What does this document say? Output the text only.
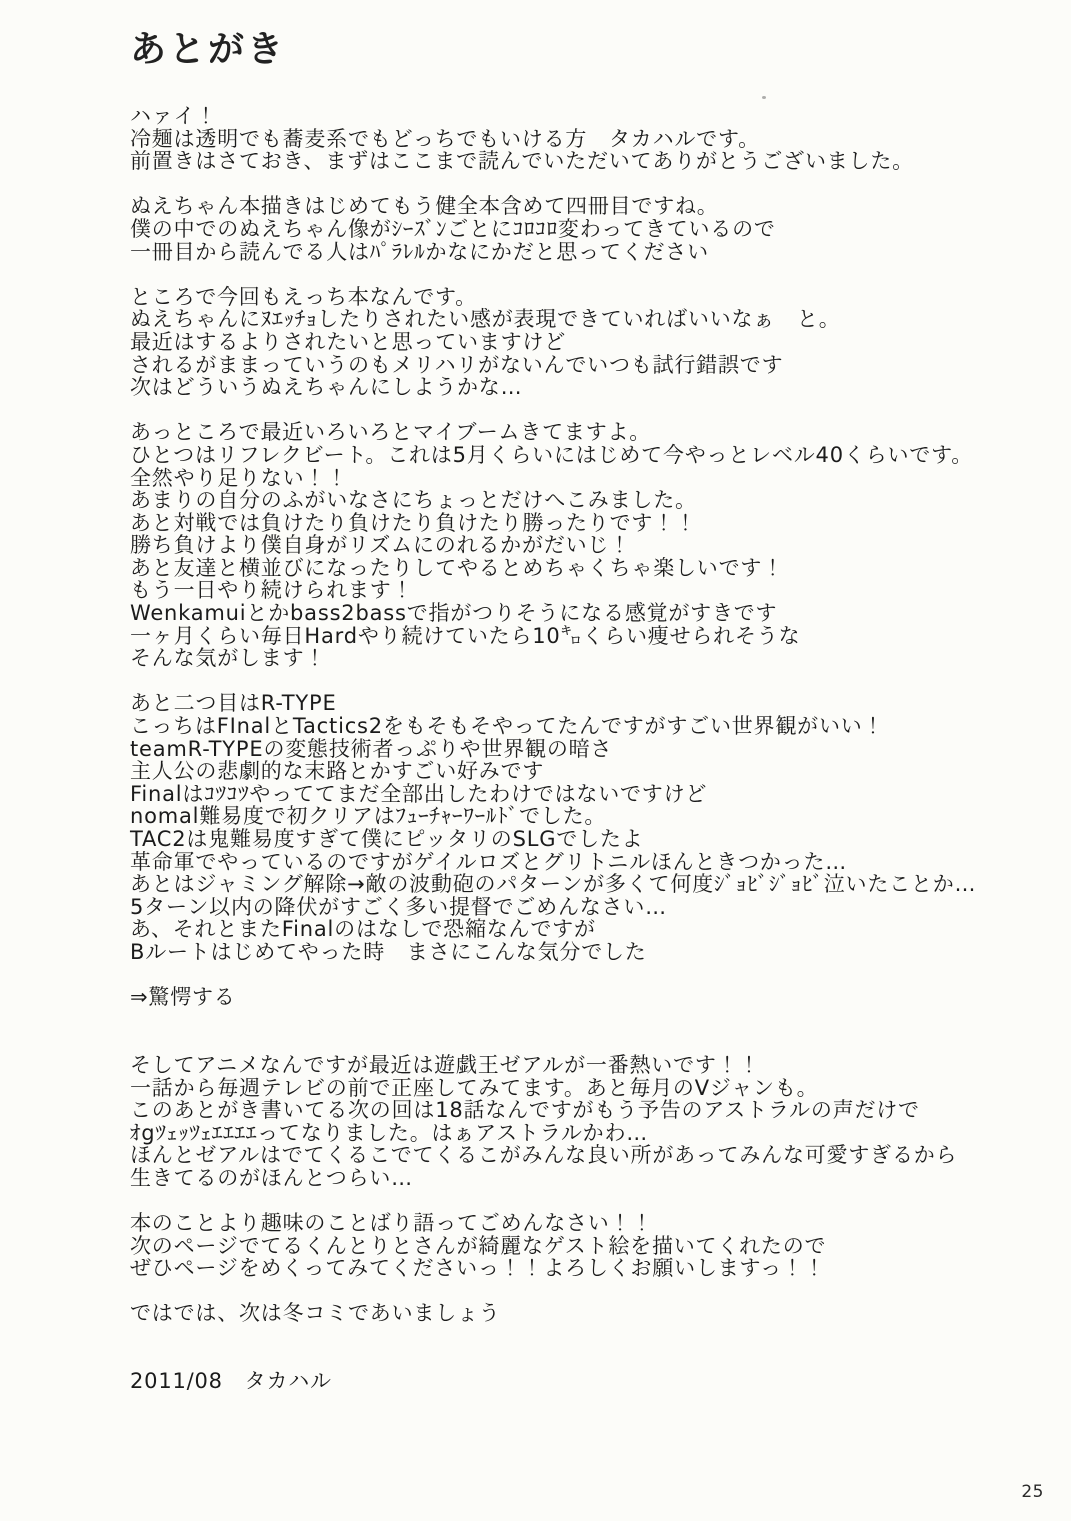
あとがき
ハァイ！
冷麺は透明でも蕎麦系でもどっちでもいける方　タカハルです。
前置きはさておき、まずはここまで読んでいただいてありがとうございました。

ぬえちゃん本描きはじめてもう健全本含めて四冊目ですね。
僕の中でのぬえちゃん像がｼｰｽﾞﾝごとにｺﾛｺﾛ変わってきているので
一冊目から読んでる人はﾊﾟﾗﾚﾙかなにかだと思ってください

ところで今回もえっち本なんです。
ぬえちゃんにﾇｴｯﾁｮしたりされたい感が表現できていればいいなぁ　と。
最近はするよりされたいと思っていますけど
されるがままっていうのもメリハリがないんでいつも試行錯誤です
次はどういうぬえちゃんにしようかな…

あっところで最近いろいろとマイブームきてますよ。
ひとつはリフレクビート。これは5月くらいにはじめて今やっとレベル40くらいです。
全然やり足りない！！
あまりの自分のふがいなさにちょっとだけへこみました。
あと対戦では負けたり負けたり負けたり勝ったりです！！
勝ち負けより僕自身がリズムにのれるかがだいじ！
あと友達と横並びになったりしてやるとめちゃくちゃ楽しいです！
もう一日やり続けられます！
Wenkamuiとかbass2bassで指がつりそうになる感覚がすきです
一ヶ月くらい毎日Hardやり続けていたら10㌔くらい痩せられそうな
そんな気がします！

あと二つ目はR-TYPE
こっちはFInalとTactics2をもそもそやってたんですがすごい世界観がいい！
teamR-TYPEの変態技術者っぷりや世界観の暗さ
主人公の悲劇的な末路とかすごい好みです
Finalはｺﾂｺﾂやっててまだ全部出したわけではないですけど
nomal難易度で初クリアはﾌｭｰﾁｬｰﾜｰﾙﾄﾞでした。
TAC2は鬼難易度すぎて僕にピッタリのSLGでしたよ
革命軍でやっているのですがゲイルロズとグリトニルほんときつかった…
あとはジャミング解除→敵の波動砲のパターンが多くて何度ｼﾞｮﾋﾞｼﾞｮﾋﾞ泣いたことか…
5ターン以内の降伏がすごく多い提督でごめんなさい…
あ、それとまたFinalのはなしで恐縮なんですが
Bルートはじめてやった時　まさにこんな気分でした

⇒驚愕する

そしてアニメなんですが最近は遊戯王ゼアルが一番熱いです！！
一話から毎週テレビの前で正座してみてます。あと毎月のVジャンも。
このあとがき書いてる次の回は18話なんですがもう予告のアストラルの声だけで
ｵgﾂｪｯﾂｪｴｴｴｴってなりました。はぁアストラルかわ…
ほんとゼアルはでてくるこでてくるこがみんな良い所があってみんな可愛すぎるから
生きてるのがほんとつらい…

本のことより趣味のことばり語ってごめんなさい！！
次のページでてるくんとりとさんが綺麗なゲスト絵を描いてくれたので
ぜひページをめくってみてくださいっ！！よろしくお願いしますっ！！

ではでは、次は冬コミであいましょう
2011/08　タカハル
25
